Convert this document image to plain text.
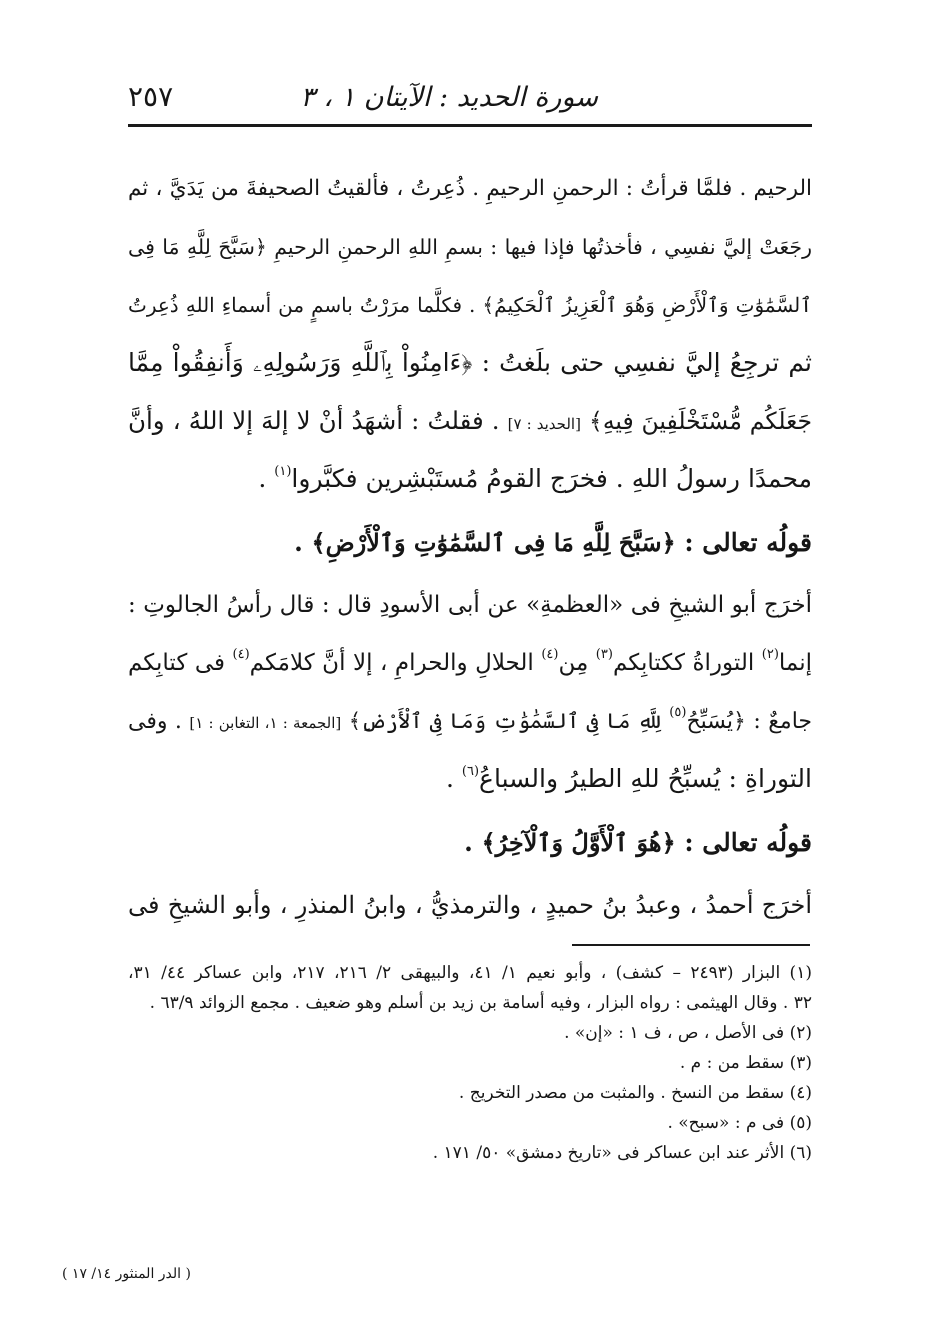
٢٥٧	سورة الحديد : الآيتان ١ ، ٣
الرحيم . فلمَّا قرأتُ : الرحمنِ الرحيمِ . ذُعِرتُ ، فألقيتُ الصحيفةَ من يَدَيَّ ، ثم
رجَعَتْ إليَّ نفسِي ، فأخذتُها فإذا فيها : بسمِ اللهِ الرحمنِ الرحيمِ ﴿سَبَّحَ لِلَّهِ مَا فِى
ٱلسَّمَٰوَٰتِ وَٱلْأَرْضِ وَهُوَ ٱلْعَزِيزُ ٱلْحَكِيمُ﴾ . فكلَّما مرَرْتُ باسمٍ من أسماءِ اللهِ ذُعِرتُ
ثم ترجِعُ إليَّ نفسِي حتى بلَغتُ : ﴿ءَامِنُواْ بِٱللَّهِ وَرَسُولِهِۦ وَأَنفِقُواْ مِمَّا
جَعَلَكُم مُّسْتَخْلَفِينَ فِيهِ﴾ [الحديد : ٧] . فقلتُ : أشهَدُ أنْ لا إلهَ إلا اللهُ ، وأنَّ
محمدًا رسولُ اللهِ . فخرَج القومُ مُستَبْشِرين فكبَّروا$^{(١)}$ .
قولُه تعالى : ﴿سَبَّحَ لِلَّهِ مَا فِى ٱلسَّمَٰوَٰتِ وَٱلْأَرْضِ﴾ .
أخرَج أبو الشيخِ فى «العظمةِ» عن أبى الأسودِ قال : قال رأسُ الجالوتِ :
إنما$^{(٢)}$ التوراةُ ككتابِكم$^{(٣)}$ مِن$^{(٤)}$ الحلالِ والحرامِ ، إلا أنَّ كلامَكم$^{(٤)}$ فى كتابِكم
جامعٌ : ﴿يُسَبِّحُ$^{(٥)}$ لِلَّهِ مَا فِى ٱلسَّمَٰوَٰتِ وَمَا فِى ٱلْأَرْضِ﴾ [الجمعة : ١، التغابن : ١] . وفى
التوراةِ : يُسبِّحُ للهِ الطيرُ والسباعُ$^{(٦)}$ .
قولُه تعالى : ﴿هُوَ ٱلْأَوَّلُ وَٱلْآخِرُ﴾ .
أخرَج أحمدُ ، وعبدُ بنُ حميدٍ ، والترمذيُّ ، وابنُ المنذرِ ، وأبو الشيخِ فى
(١) البزار (٢٤٩٣ – كشف) ، وأبو نعيم ١/ ٤١، والبيهقى ٢/ ٢١٦، ٢١٧، وابن عساكر ٤٤/ ٣١،
٣٢ . وقال الهيثمى : رواه البزار ، وفيه أسامة بن زيد بن أسلم وهو ضعيف . مجمع الزوائد ٦٣/٩ .
(٢) فى الأصل ، ص ، ف ١ : «إن» .
(٣) سقط من : م .
(٤) سقط من النسخ . والمثبت من مصدر التخريج .
(٥) فى م : «سبح» .
(٦) الأثر عند ابن عساكر فى «تاريخ دمشق» ٥٠/ ١٧١ .
( الدر المنثور ١٤/ ١٧ )
